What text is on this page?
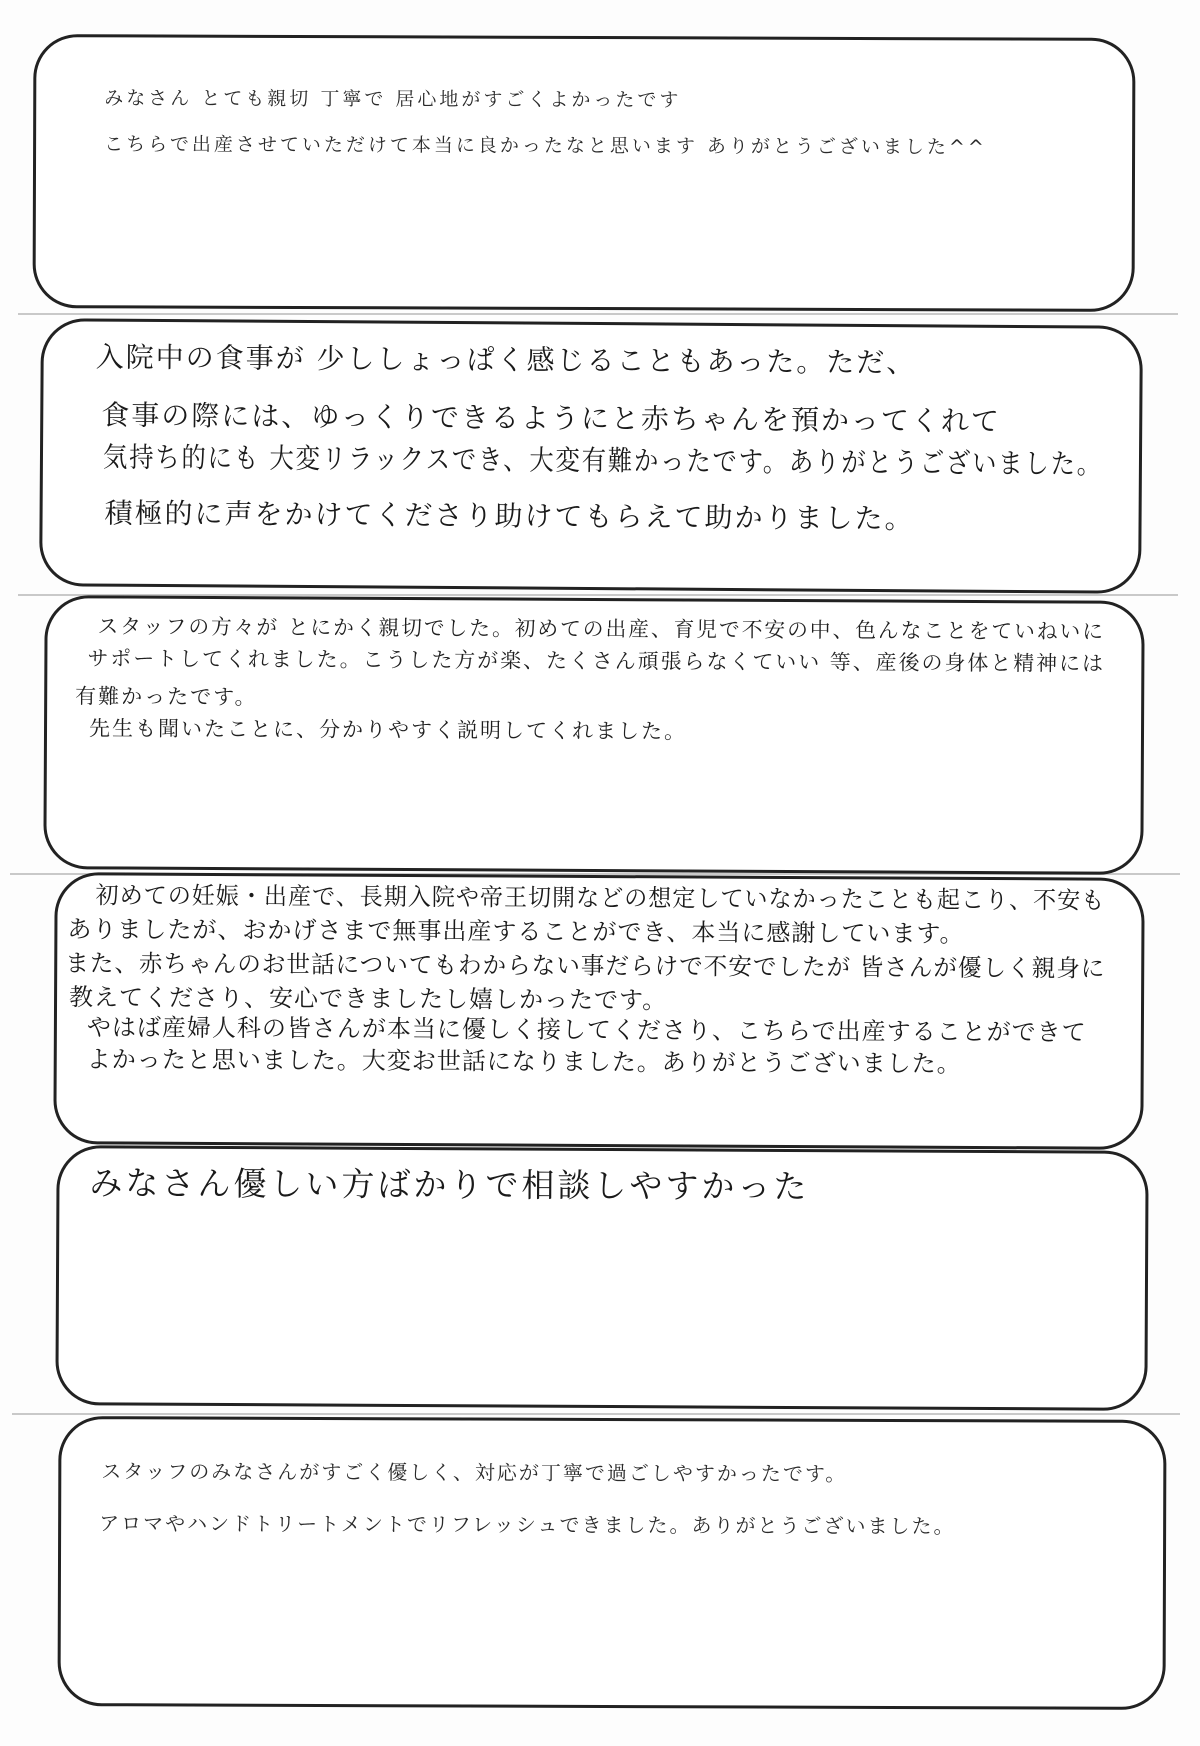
みなさん とても親切 丁寧で 居心地がすごくよかったです
こちらで出産させていただけて本当に良かったなと思います ありがとうございました^^
入院中の食事が 少ししょっぱく感じることもあった。ただ、
食事の際には、ゆっくりできるようにと赤ちゃんを預かってくれて
気持ち的にも 大変リラックスでき、大変有難かったです。ありがとうございました。
積極的に声をかけてくださり助けてもらえて助かりました。
スタッフの方々が とにかく親切でした。初めての出産、育児で不安の中、色んなことをていねいに
サポートしてくれました。こうした方が楽、たくさん頑張らなくていい 等、産後の身体と精神には
有難かったです。
先生も聞いたことに、分かりやすく説明してくれました。
初めての妊娠・出産で、長期入院や帝王切開などの想定していなかったことも起こり、不安も
ありましたが、おかげさまで無事出産することができ、本当に感謝しています。
また、赤ちゃんのお世話についてもわからない事だらけで不安でしたが 皆さんが優しく親身に
教えてくださり、安心できましたし嬉しかったです。
やはば産婦人科の皆さんが本当に優しく接してくださり、こちらで出産することができて
よかったと思いました。大変お世話になりました。ありがとうございました。
みなさん優しい方ばかりで相談しやすかった
スタッフのみなさんがすごく優しく、対応が丁寧で過ごしやすかったです。
アロマやハンドトリートメントでリフレッシュできました。ありがとうございました。
